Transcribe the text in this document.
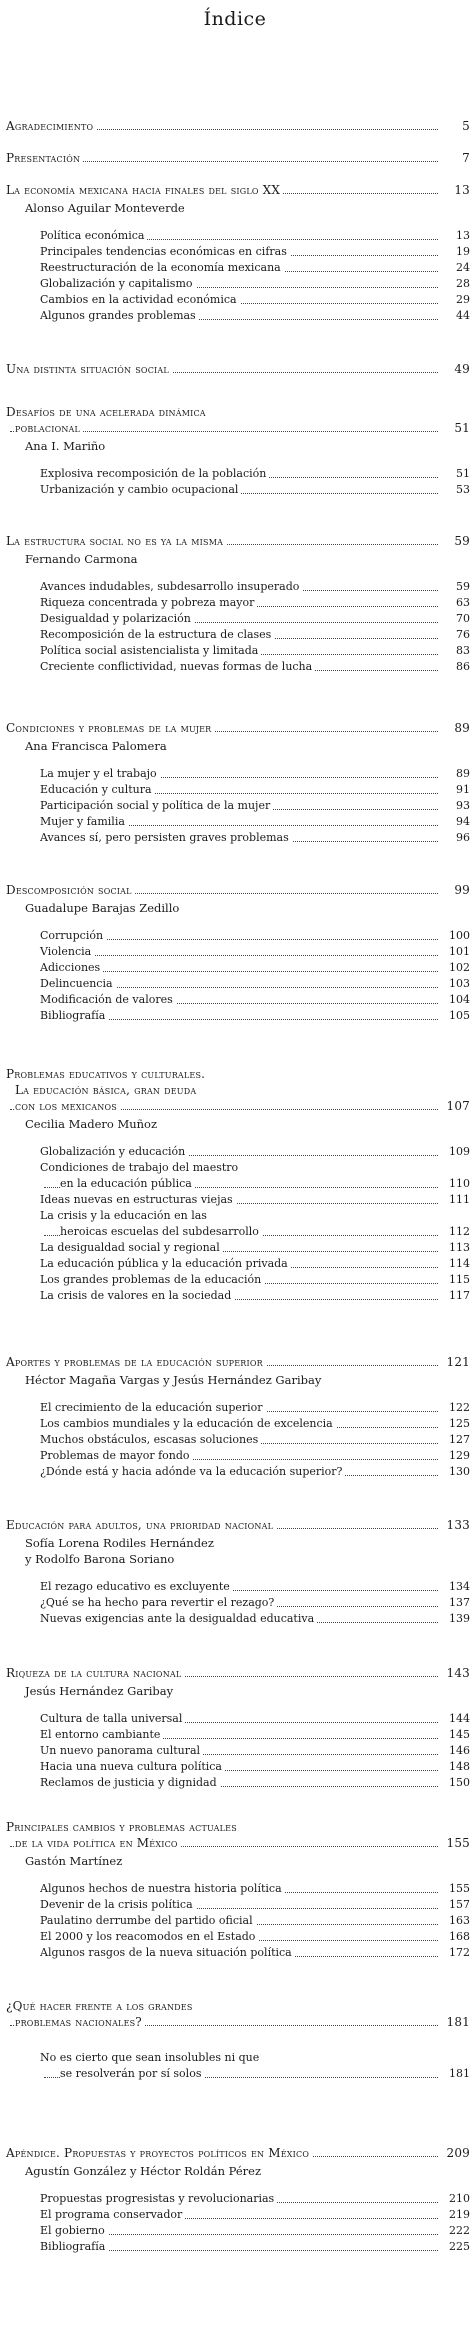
Índice
Agradecimiento	5
Presentación	7
La economía mexicana hacia finales del siglo XX	13
Alonso Aguilar Monteverde
Política económica	13
Principales tendencias económicas en cifras	19
Reestructuración de la economía mexicana	24
Globalización y capitalismo	28
Cambios en la actividad económica	29
Algunos grandes problemas	44
Una distinta situación social	49
Desafíos de una acelerada dinámica
poblacional	51
Ana I. Mariño
Explosiva recomposición de la población	51
Urbanización y cambio ocupacional	53
La estructura social no es ya la misma	59
Fernando Carmona
Avances indudables, subdesarrollo insuperado	59
Riqueza concentrada y pobreza mayor	63
Desigualdad y polarización	70
Recomposición de la estructura de clases	76
Política social asistencialista y limitada	83
Creciente conflictividad, nuevas formas de lucha	86
Condiciones y problemas de la mujer	89
Ana Francisca Palomera
La mujer y el trabajo	89
Educación y cultura	91
Participación social y política de la mujer	93
Mujer y familia	94
Avances sí, pero persisten graves problemas	96
Descomposición social	99
Guadalupe Barajas Zedillo
Corrupción	100
Violencia	101
Adicciones	102
Delincuencia	103
Modificación de valores	104
Bibliografía	105
Problemas educativos y culturales.
La educación básica, gran deuda
con los mexicanos	107
Cecilia Madero Muñoz
Globalización y educación	109
Condiciones de trabajo del maestro
en la educación pública	110
Ideas nuevas en estructuras viejas	111
La crisis y la educación en las
heroicas escuelas del subdesarrollo	112
La desigualdad social y regional	113
La educación pública y la educación privada	114
Los grandes problemas de la educación	115
La crisis de valores en la sociedad	117
Aportes y problemas de la educación superior	121
Héctor Magaña Vargas y Jesús Hernández Garibay
El crecimiento de la educación superior	122
Los cambios mundiales y la educación de excelencia	125
Muchos obstáculos, escasas soluciones	127
Problemas de mayor fondo	129
¿Dónde está y hacia adónde va la educación superior?	130
Educación para adultos, una prioridad nacional	133
Sofía Lorena Rodiles Hernández
y Rodolfo Barona Soriano
El rezago educativo es excluyente	134
¿Qué se ha hecho para revertir el rezago?	137
Nuevas exigencias ante la desigualdad educativa	139
Riqueza de la cultura nacional	143
Jesús Hernández Garibay
Cultura de talla universal	144
El entorno cambiante	145
Un nuevo panorama cultural	146
Hacia una nueva cultura política	148
Reclamos de justicia y dignidad	150
Principales cambios y problemas actuales
de la vida política en México	155
Gastón Martínez
Algunos hechos de nuestra historia política	155
Devenir de la crisis política	157
Paulatino derrumbe del partido oficial	163
El 2000 y los reacomodos en el Estado	168
Algunos rasgos de la nueva situación política	172
¿Qué hacer frente a los grandes
problemas nacionales?	181
No es cierto que sean insolubles ni que
se resolverán por sí solos	181
Apéndice. Propuestas y proyectos políticos en México	209
Agustín González y Héctor Roldán Pérez
Propuestas progresistas y revolucionarias	210
El programa conservador	219
El gobierno	222
Bibliografía	225
